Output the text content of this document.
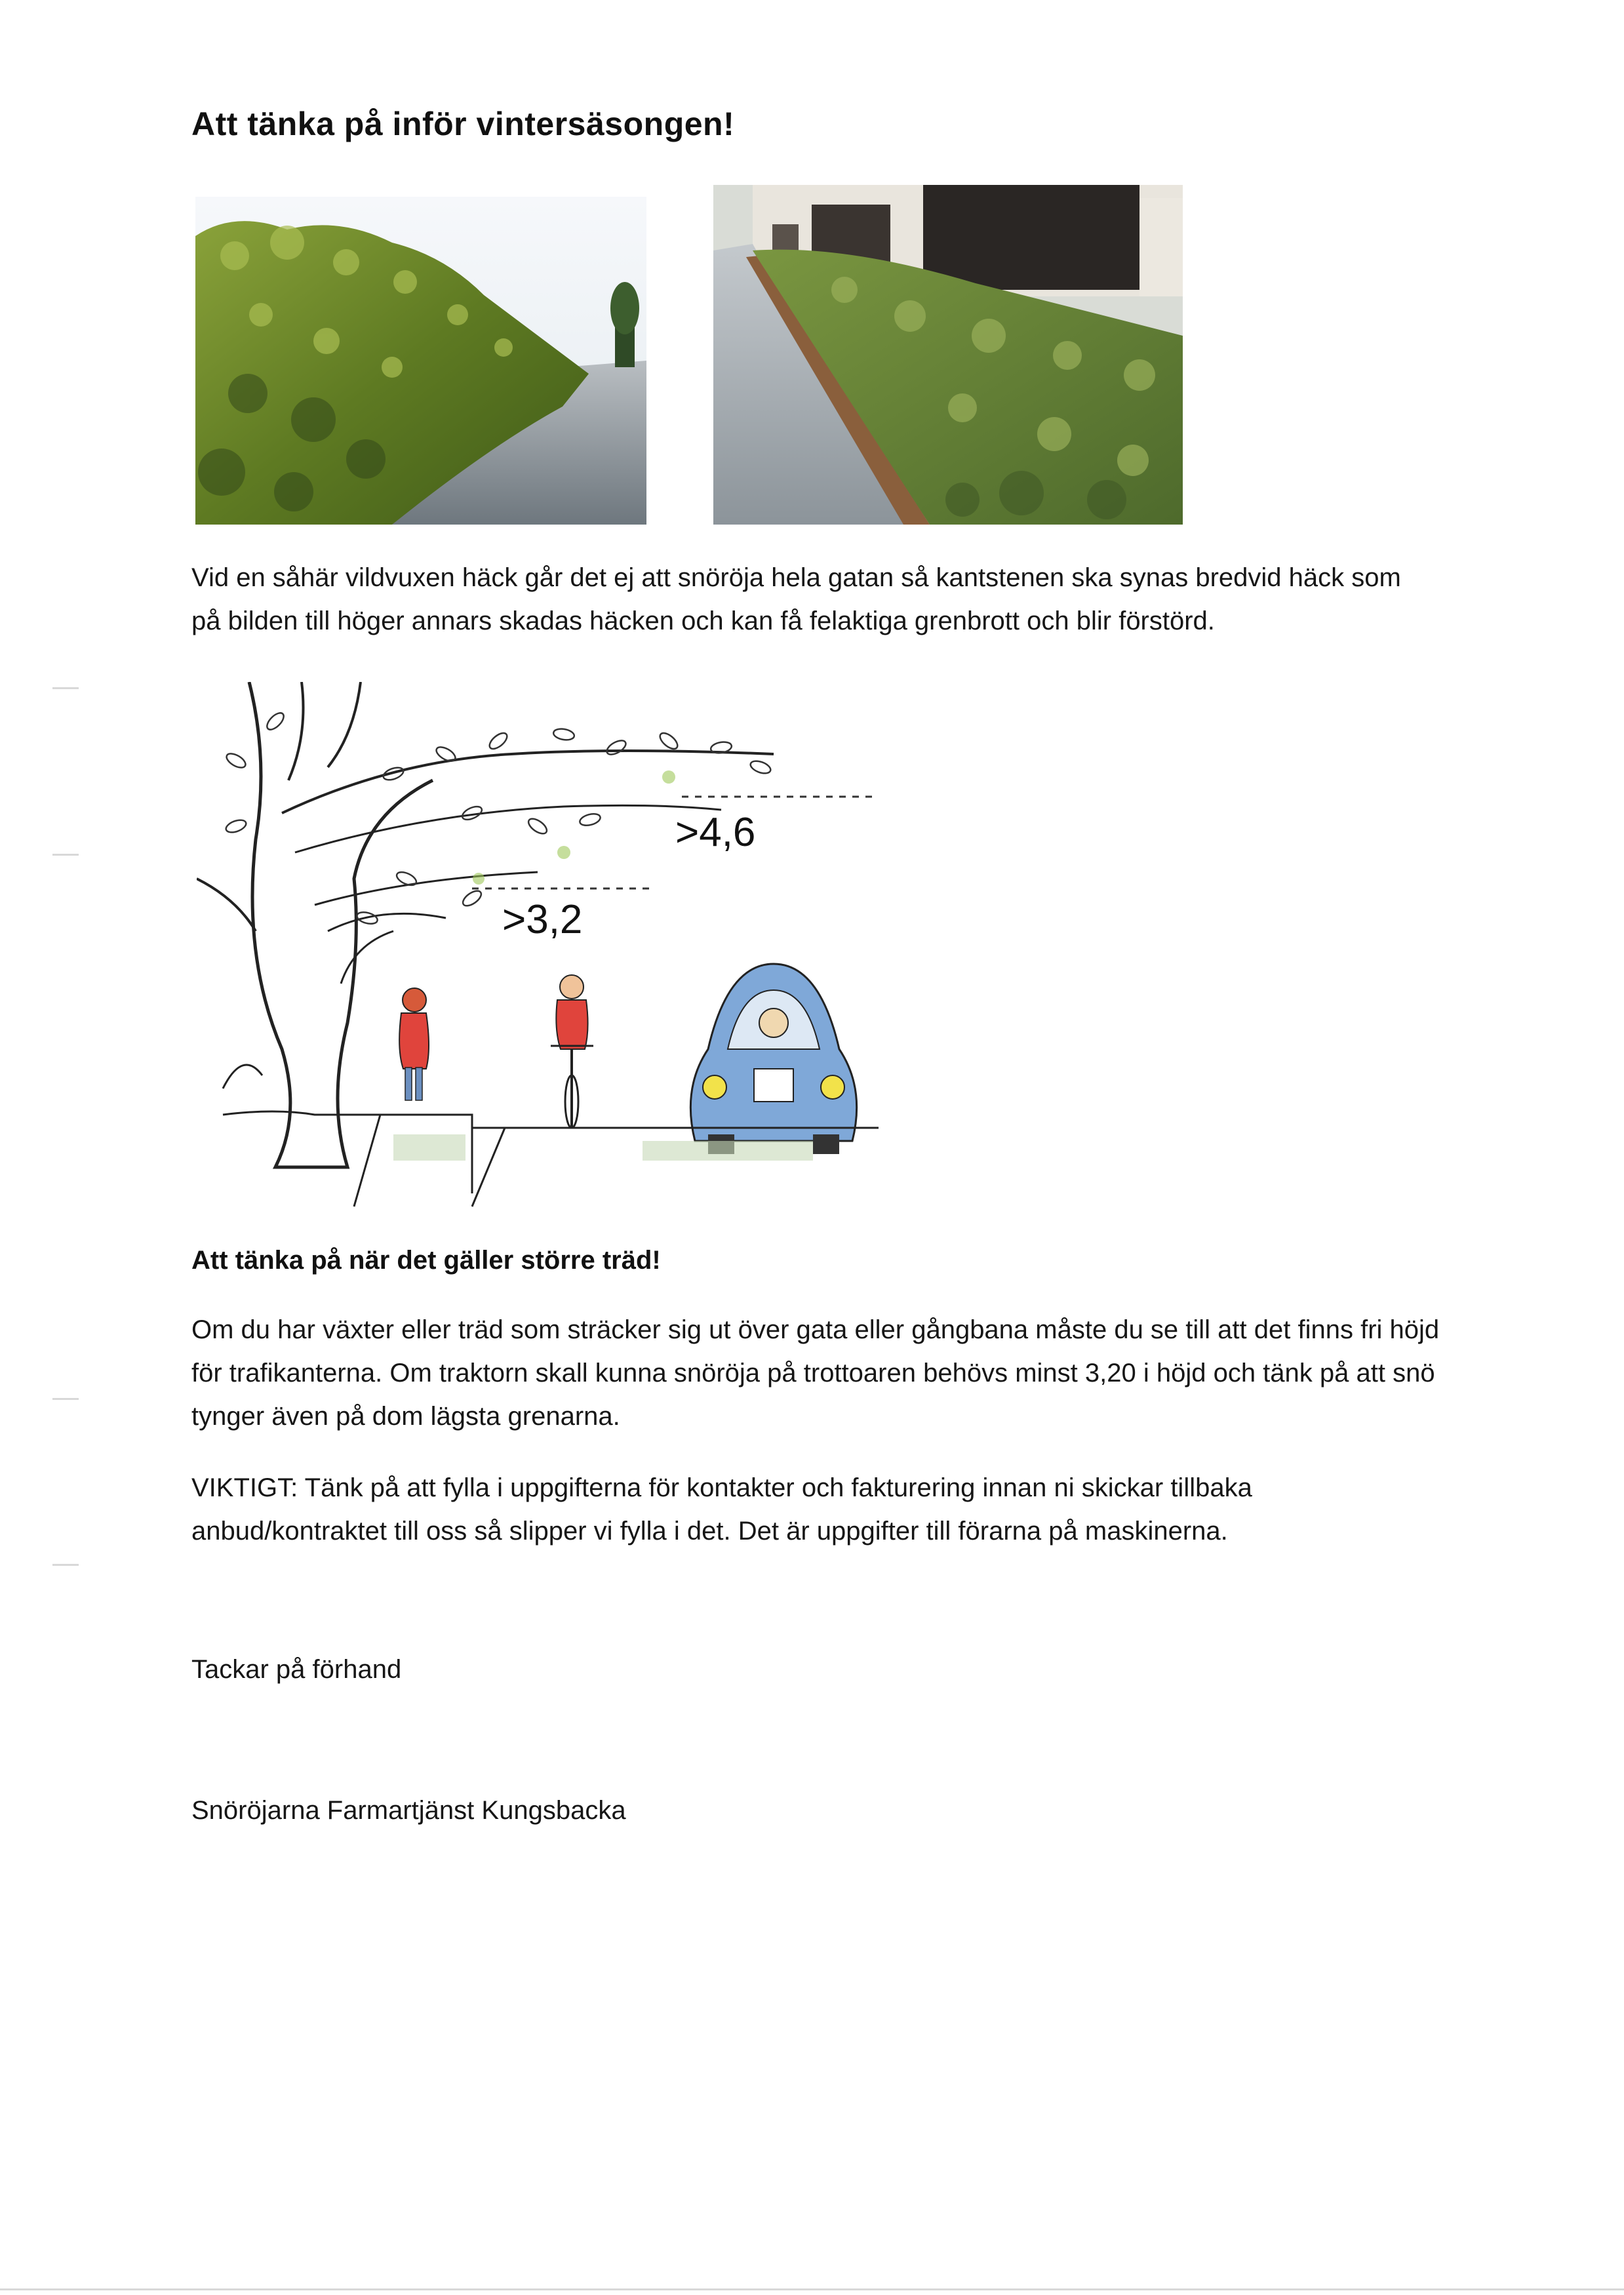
Att tänka på inför vintersäsongen!
Vid en såhär vildvuxen häck går det ej att snöröja hela gatan så kantstenen ska synas bredvid häck som på bilden till höger annars skadas häcken och kan få felaktiga grenbrott och blir förstörd.
>4,6
>3,2
Att tänka på när det gäller större träd!
Om du har växter eller träd som sträcker sig ut över gata eller gångbana måste du se till att det finns fri höjd för trafikanterna. Om traktorn skall kunna snöröja på trottoaren behövs minst 3,20 i höjd och tänk på att snö tynger även på dom lägsta grenarna.
VIKTIGT: Tänk på att fylla i uppgifterna för kontakter och fakturering innan ni skickar tillbaka anbud/kontraktet till oss så slipper vi fylla i det. Det är uppgifter till förarna på maskinerna.
Tackar på förhand
Snöröjarna Farmartjänst Kungsbacka
